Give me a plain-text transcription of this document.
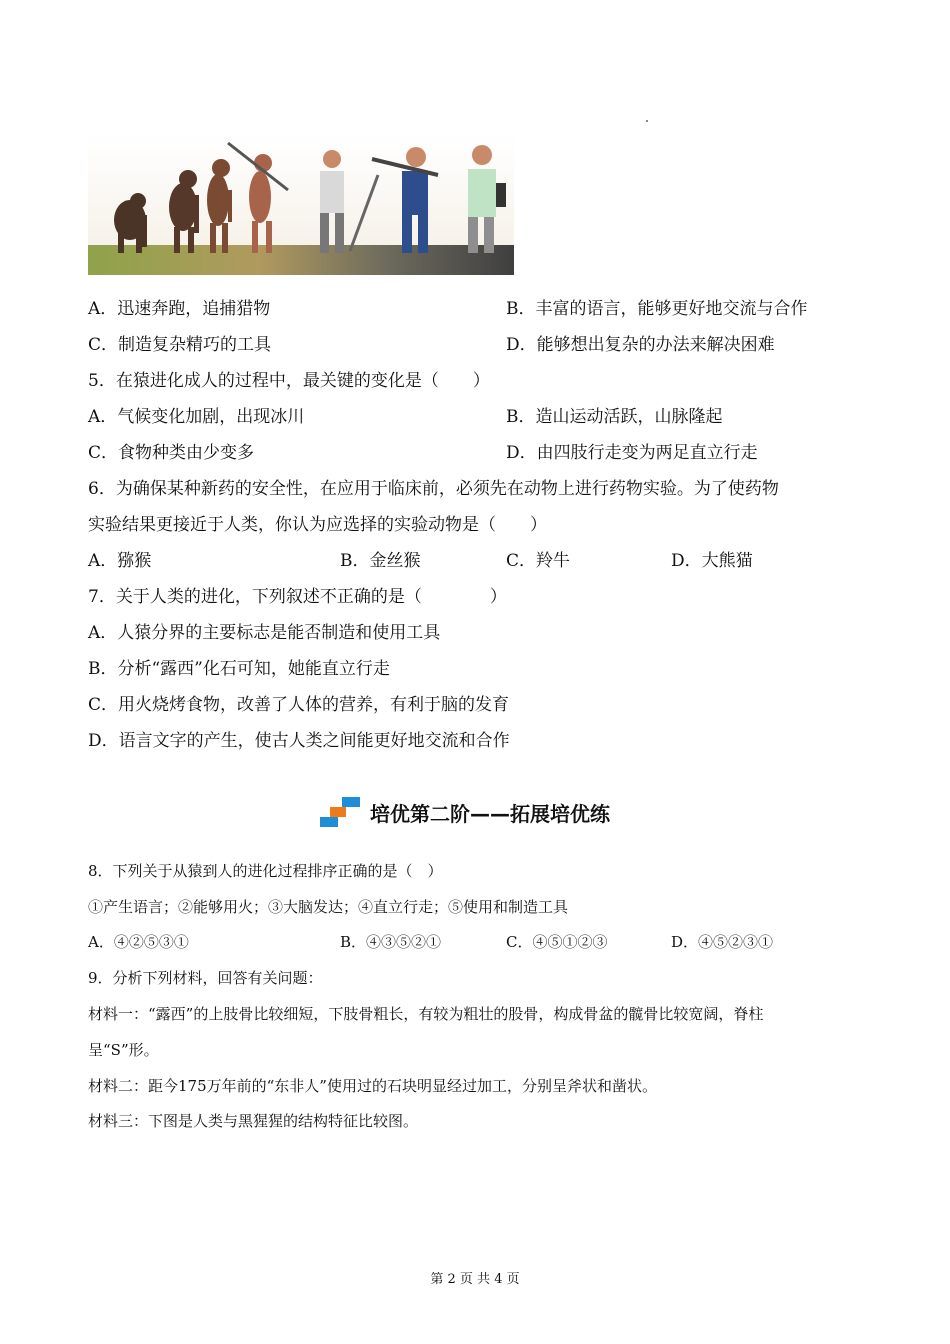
A．迅速奔跑，追捕猎物	B．丰富的语言，能够更好地交流与合作
C．制造复杂精巧的工具	D．能够想出复杂的办法来解决困难
5．在猿进化成人的过程中，最关键的变化是（　　）
A．气候变化加剧，出现冰川	B．造山运动活跃，山脉隆起
C．食物种类由少变多	D．由四肢行走变为两足直立行走
6．为确保某种新药的安全性，在应用于临床前，必须先在动物上进行药物实验。为了使药物
实验结果更接近于人类，你认为应选择的实验动物是（　　）
A．猕猴	B．金丝猴	C．羚牛	D．大熊猫
7．关于人类的进化，下列叙述不正确的是（　　　　）
A．人猿分界的主要标志是能否制造和使用工具
B．分析“露西”化石可知，她能直立行走
C．用火烧烤食物，改善了人体的营养，有利于脑的发育
D．语言文字的产生，使古人类之间能更好地交流和合作
培优第二阶——拓展培优练
8．下列关于从猿到人的进化过程排序正确的是（　）
①产生语言；②能够用火；③大脑发达；④直立行走；⑤使用和制造工具
A．④②⑤③①	B．④③⑤②①	C．④⑤①②③	D．④⑤②③①
9．分析下列材料，回答有关问题：
材料一：“露西”的上肢骨比较细短，下肢骨粗长，有较为粗壮的股骨，构成骨盆的髋骨比较宽阔，脊柱
呈“S”形。
材料二：距今175万年前的“东非人”使用过的石块明显经过加工，分别呈斧状和凿状。
材料三：下图是人类与黑猩猩的结构特征比较图。
第 2 页 共 4 页
